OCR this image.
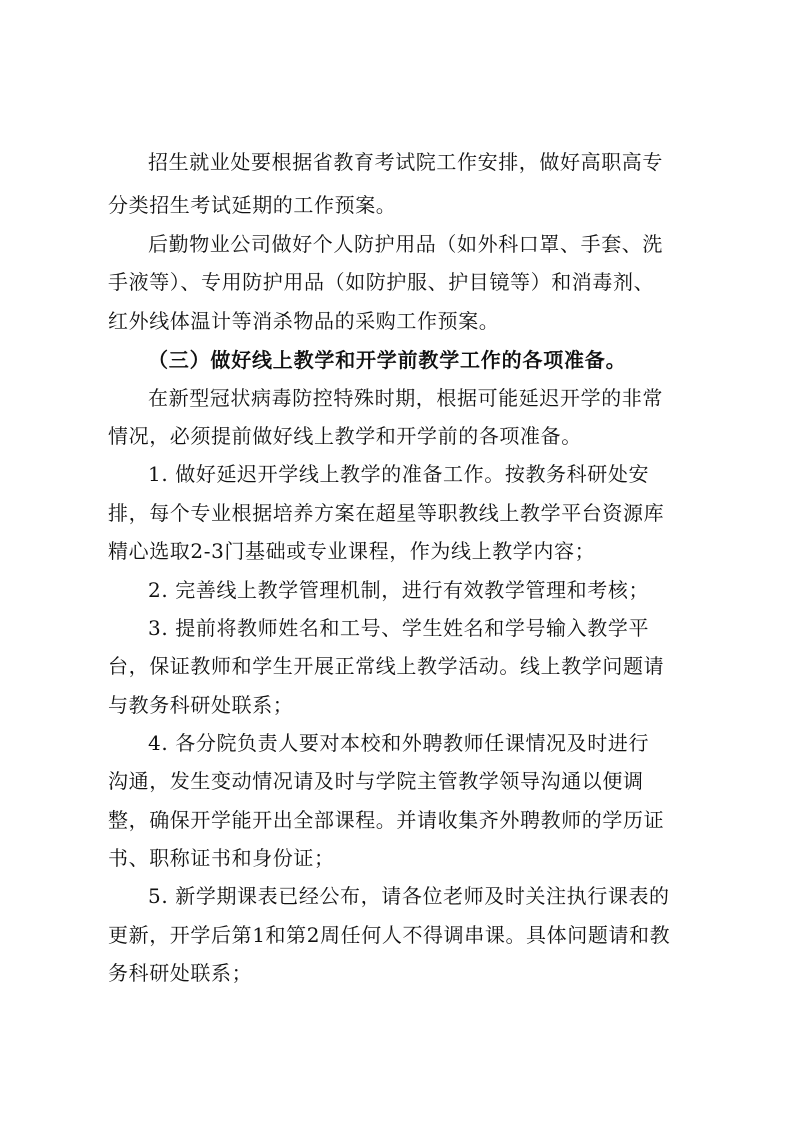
招生就业处要根据省教育考试院工作安排，做好高职高专
分类招生考试延期的工作预案。
后勤物业公司做好个人防护用品（如外科口罩、手套、洗
手液等）、专用防护用品（如防护服、护目镜等）和消毒剂、
红外线体温计等消杀物品的采购工作预案。
（三）做好线上教学和开学前教学工作的各项准备。
在新型冠状病毒防控特殊时期，根据可能延迟开学的非常
情况，必须提前做好线上教学和开学前的各项准备。
1. 做好延迟开学线上教学的准备工作。按教务科研处安
排，每个专业根据培养方案在超星等职教线上教学平台资源库
精心选取2-3门基础或专业课程，作为线上教学内容；
2. 完善线上教学管理机制，进行有效教学管理和考核；
3. 提前将教师姓名和工号、学生姓名和学号输入教学平
台，保证教师和学生开展正常线上教学活动。线上教学问题请
与教务科研处联系；
4. 各分院负责人要对本校和外聘教师任课情况及时进行
沟通，发生变动情况请及时与学院主管教学领导沟通以便调
整，确保开学能开出全部课程。并请收集齐外聘教师的学历证
书、职称证书和身份证；
5. 新学期课表已经公布，请各位老师及时关注执行课表的
更新，开学后第1和第2周任何人不得调串课。具体问题请和教
务科研处联系；
